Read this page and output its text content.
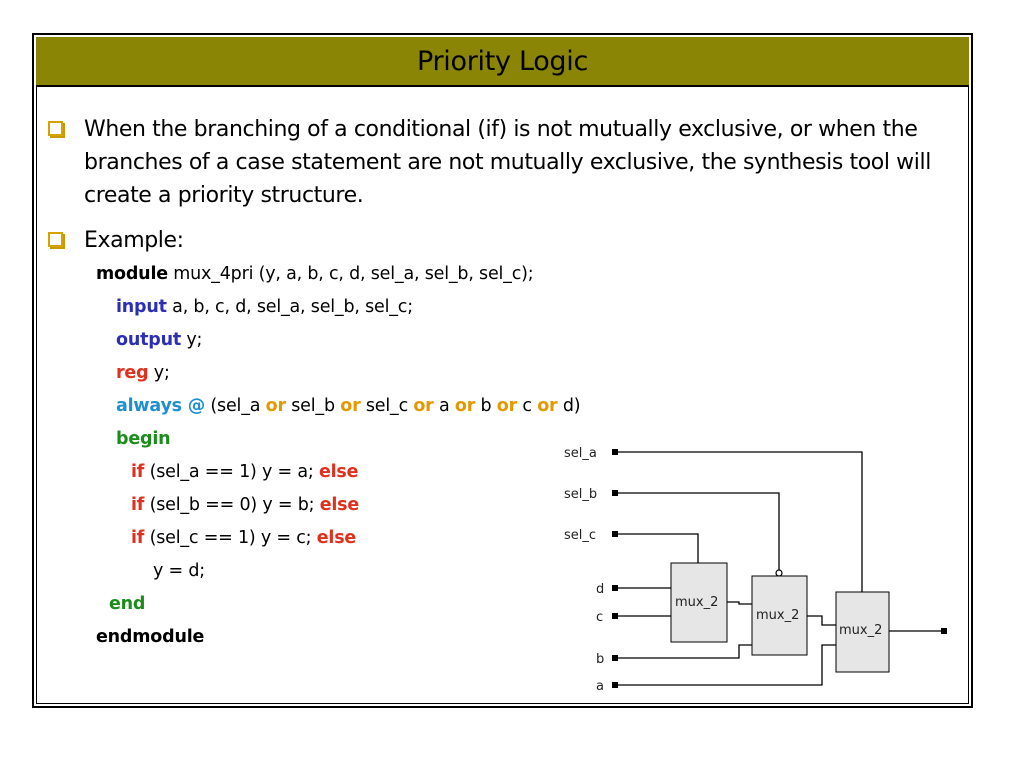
Priority Logic
When the branching of a conditional (if) is not mutually exclusive, or when the branches of a case statement are not mutually exclusive, the synthesis tool will create a priority structure.
Example:
module mux_4pri (y, a, b, c, d, sel_a, sel_b, sel_c);
input a, b, c, d, sel_a, sel_b, sel_c;
output y;
reg y;
always @ (sel_a or sel_b or sel_c or a or b or c or d)
begin
if (sel_a == 1) y = a; else
if (sel_b == 0) y = b; else
if (sel_c == 1) y = c; else
y = d;
end
endmodule
sel_a
sel_b
sel_c
d
c
b
a
mux_2
mux_2
mux_2
